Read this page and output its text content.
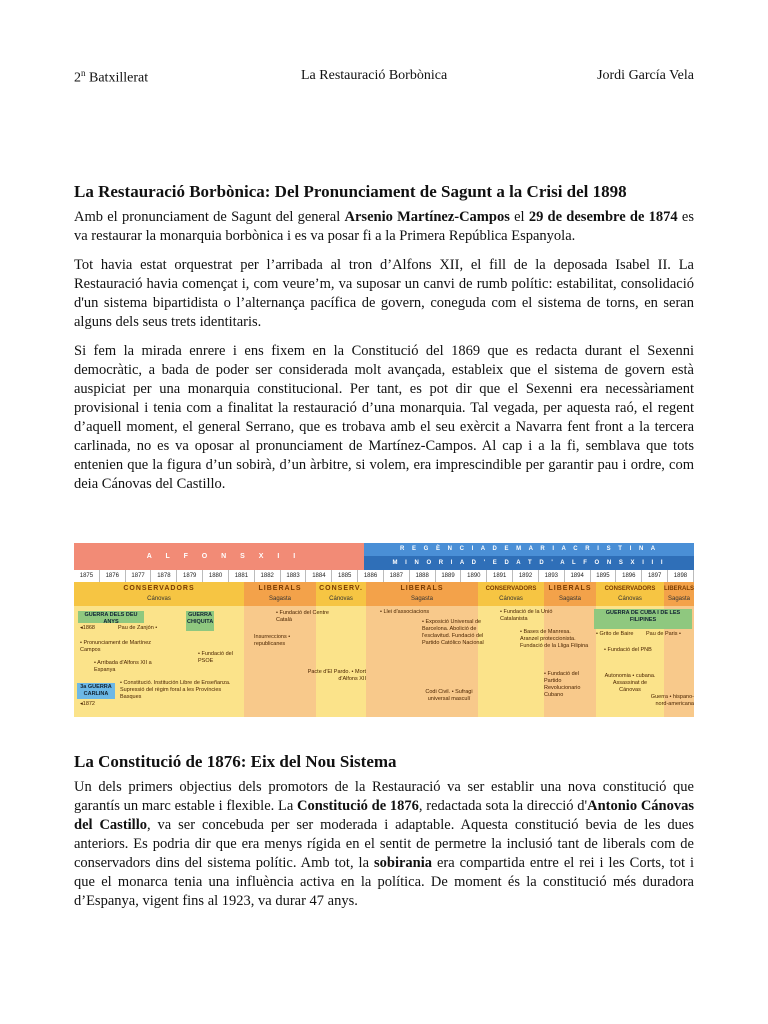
2$^n$ Batxillerat	La Restauració Borbònica	Jordi García Vela
La Restauració Borbònica: Del Pronunciament de Sagunt a la Crisi del 1898

Amb el pronunciament de Sagunt del general Arsenio Martínez-Campos el 29 de desembre de 1874 es va restaurar la monarquia borbònica i es va posar fi a la Primera República Espanyola.

Tot havia estat orquestrat per l’arribada al tron d’Alfons XII, el fill de la deposada Isabel II. La Restauració havia començat i, com veure’m, va suposar un canvi de rumb polític: estabilitat, consolidació d'un sistema bipartidista o l’alternança pacífica de govern, coneguda com el sistema de torns, en seran alguns dels seus trets identitaris.

Si fem la mirada enrere i ens fixem en la Constitució del 1869 que es redacta durant el Sexenni democràtic, a bada de poder ser considerada molt avançada, estableix que el sistema de govern està auspiciat per una monarquia constitucional. Per tant, es pot dir que el Sexenni era necessàriament provisional i tenia com a finalitat la restauració d’una monarquia. Tal vegada, per aquesta raó, el regent d’aquell moment, el general Serrano, que es trobava amb el seu exèrcit a Navarra fent front a la tercera carlinada, no es va oposar al pronunciament de Martínez-Campos. Al cap i a la fi, semblava que tots entenien que la figura d’un sobirà, d’un àrbitre, si volem, era imprescindible per garantir pau i ordre, com deia Cánovas del Castillo.

A L F O N S X I I
R E G È N C I A D E M A R I A C R I S T I N A
M I N O R I A D ' E D A T D ' A L F O N S X I I I
1875	1876	1877	1878	1879	1880	1881	1882	1883	1884	1885	1886	1887	1888	1889	1890	1891	1892	1893	1894	1895	1896	1897	1898
CONSERVADORS
Cánovas
LIBERALS
Sagasta
CONSERV.
Cánovas
LIBERALS
Sagasta
CONSERVADORS
Cánovas
LIBERALS
Sagasta
CONSERVADORS
Cánovas
LIBERALS
Sagasta
GUERRA DELS DEU ANYS
◂1868	Pau de Zanjón •
GUERRA CHIQUITA
• Pronunciament de Martínez Campos
• Arribada d'Alfons XII a Espanya
3a GUERRA CARLINA
◂1872
• Constitució. Institución Libre de Enseñanza. Supressió del règim foral a les Províncies Basques
• Fundació del PSOE
• Fundació del Centre Català
Insurreccions • republicanes
Pacte d'El Pardo. • Mort d'Alfons XII
• Llei d'associacions
• Exposició Universal de Barcelona. Abolició de l'esclavitud. Fundació del Partido Católico Nacional
Codi Civil. • Sufragi universal masculí
• Fundació de la Unió Catalanista
• Bases de Manresa. Aranzel proteccionista. Fundació de la Lliga Filipina
• Fundació del Partido Revolucionario Cubano
GUERRA DE CUBA I DE LES FILIPINES
• Grito de Baire Pau de Paris •
• Fundació del PNB
Autonomia • cubana. Assassinat de Cánovas
Guerra • hispano-nord-americana
La Constitució de 1876: Eix del Nou Sistema

Un dels primers objectius dels promotors de la Restauració va ser establir una nova constitució que garantís un marc estable i flexible. La Constitució de 1876, redactada sota la direcció d'Antonio Cánovas del Castillo, va ser concebuda per ser moderada i adaptable. Aquesta constitució bevia de les dues anteriors. Es podria dir que era menys rígida en el sentit de permetre la inclusió tant de liberals com de conservadors dins del sistema polític. Amb tot, la sobirania era compartida entre el rei i les Corts, tot i que el monarca tenia una influència activa en la política. De moment és la constitució més duradora d’Espanya, vigent fins al 1923, va durar 47 anys.
